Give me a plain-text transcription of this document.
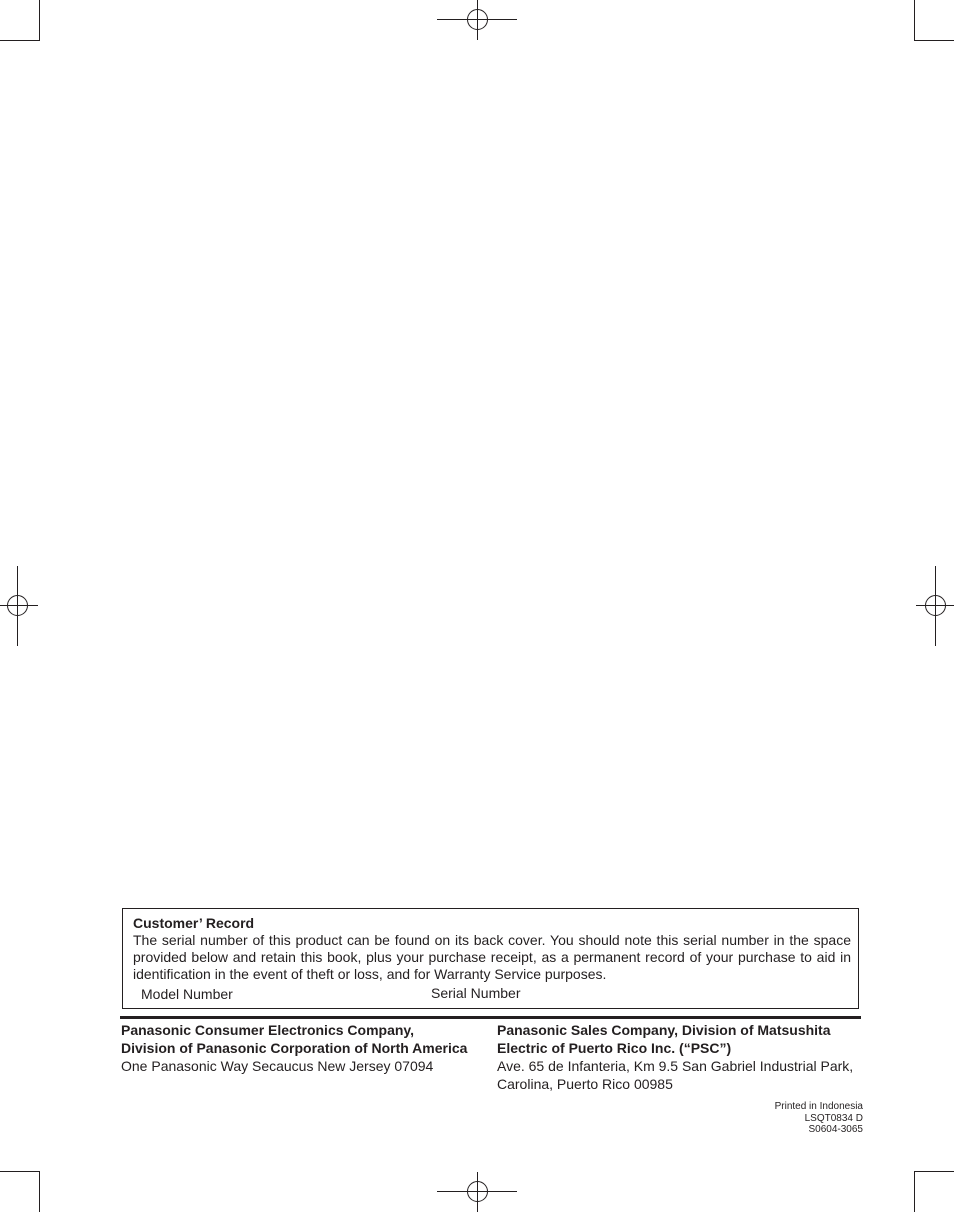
Customer’ Record
The serial number of this product can be found on its back cover. You should note this serial number in the space provided below and retain this book, plus your purchase receipt, as a permanent record of your purchase to aid in identification in the event of theft or loss, and for Warranty Service purposes.
Model Number	Serial Number
Panasonic Consumer Electronics Company,
Division of Panasonic Corporation of North America
One Panasonic Way Secaucus New Jersey 07094
Panasonic Sales Company, Division of Matsushita
Electric of Puerto Rico Inc. (“PSC”)
Ave. 65 de Infanteria, Km 9.5 San Gabriel Industrial Park,
Carolina, Puerto Rico 00985
Printed in Indonesia
LSQT0834 D
S0604-3065
